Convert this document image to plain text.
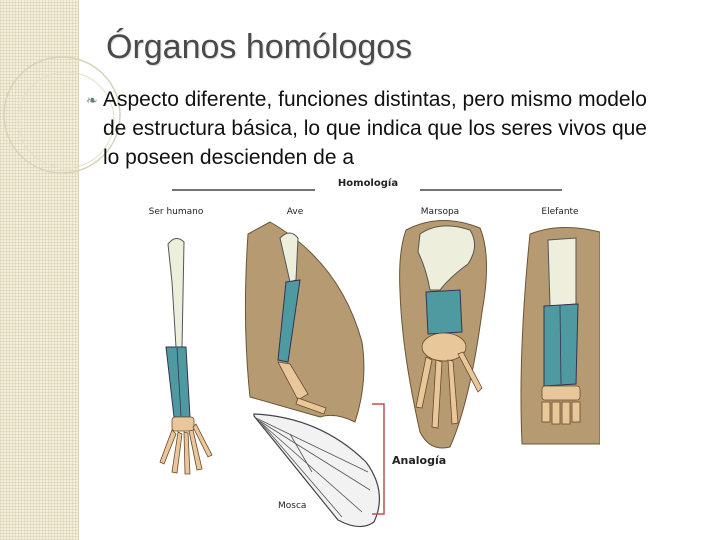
Órganos homólogos
❧ Aspecto diferente, funciones distintas, pero mismo modelo de estructura básica, lo que indica que los seres vivos que lo poseen descienden de a

Homología
Ser humano	Ave	Marsopa	Elefante
Mosca
Analogía
